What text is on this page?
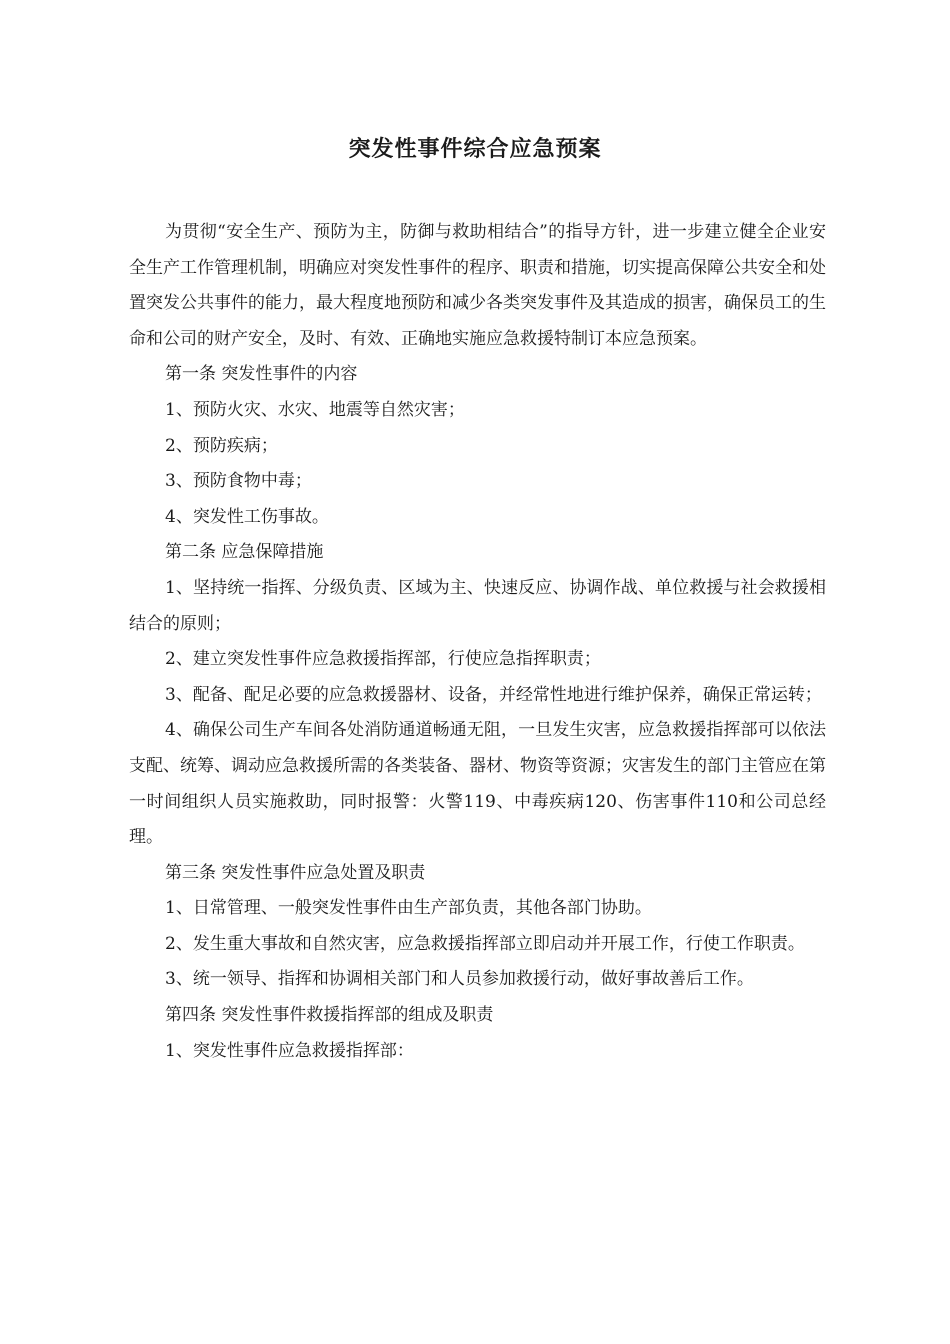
突发性事件综合应急预案

为贯彻“安全生产、预防为主，防御与救助相结合”的指导方针，进一步建立健全企业安全生产工作管理机制，明确应对突发性事件的程序、职责和措施，切实提高保障公共安全和处置突发公共事件的能力，最大程度地预防和减少各类突发事件及其造成的损害，确保员工的生命和公司的财产安全，及时、有效、正确地实施应急救援特制订本应急预案。

第一条 突发性事件的内容

1、预防火灾、水灾、地震等自然灾害；

2、预防疾病；

3、预防食物中毒；

4、突发性工伤事故。

第二条 应急保障措施

1、坚持统一指挥、分级负责、区域为主、快速反应、协调作战、单位救援与社会救援相结合的原则；

2、建立突发性事件应急救援指挥部，行使应急指挥职责；

3、配备、配足必要的应急救援器材、设备，并经常性地进行维护保养，确保正常运转；

4、确保公司生产车间各处消防通道畅通无阻，一旦发生灾害，应急救援指挥部可以依法支配、统筹、调动应急救援所需的各类装备、器材、物资等资源；灾害发生的部门主管应在第一时间组织人员实施救助，同时报警：火警119、中毒疾病120、伤害事件110和公司总经理。

第三条 突发性事件应急处置及职责

1、日常管理、一般突发性事件由生产部负责，其他各部门协助。

2、发生重大事故和自然灾害，应急救援指挥部立即启动并开展工作，行使工作职责。

3、统一领导、指挥和协调相关部门和人员参加救援行动，做好事故善后工作。

第四条 突发性事件救援指挥部的组成及职责

1、突发性事件应急救援指挥部：
